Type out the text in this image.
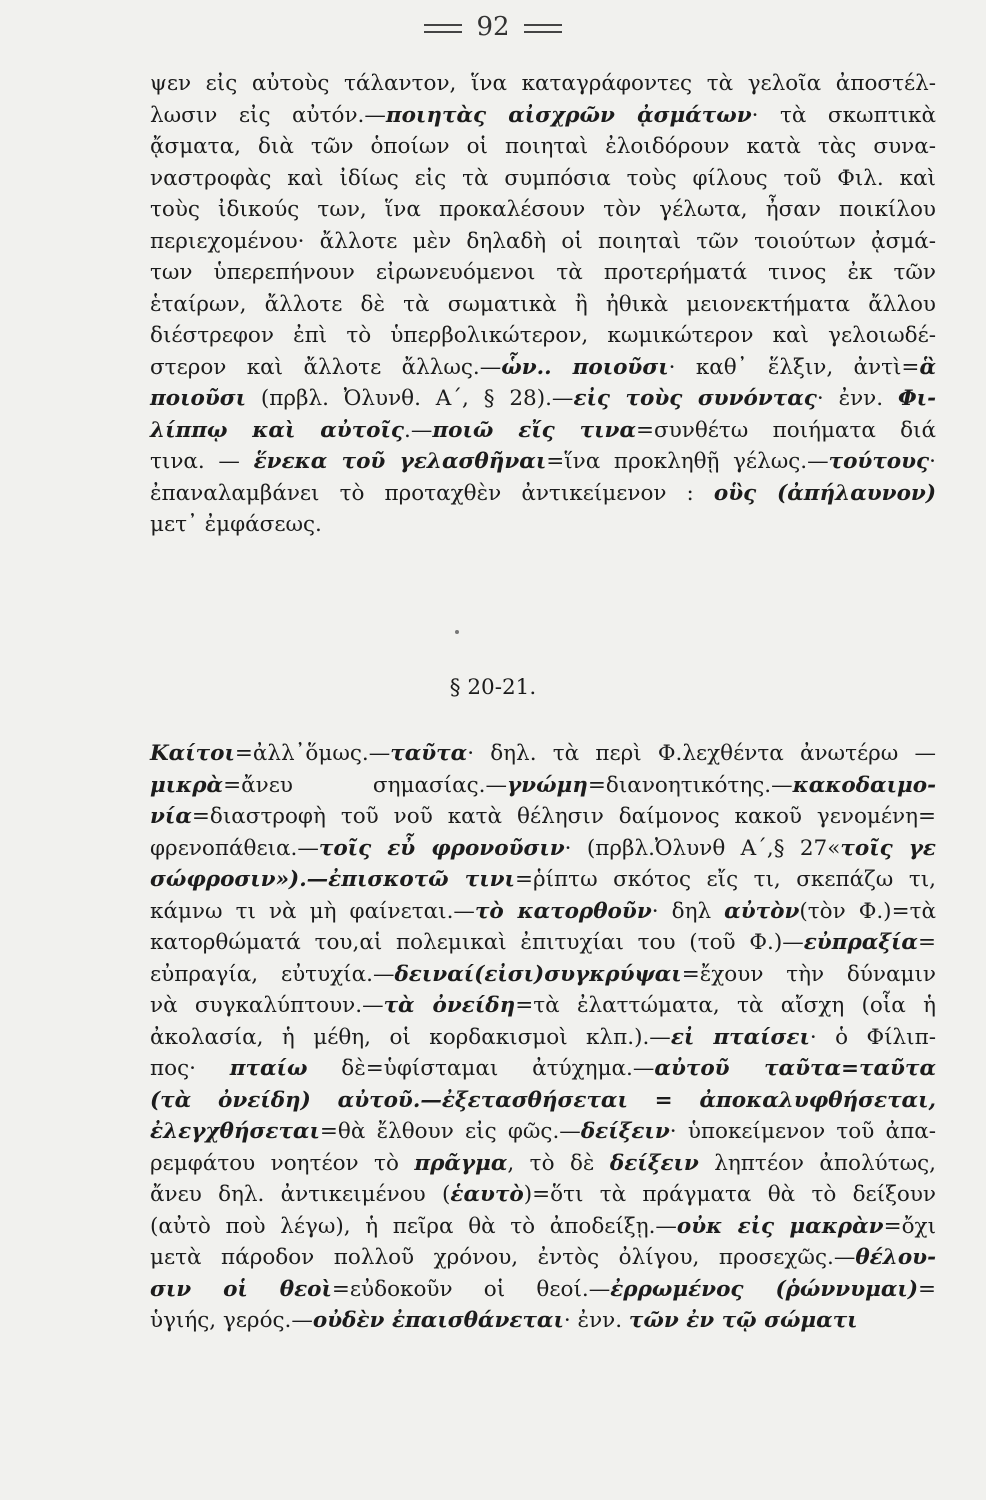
92
ψεν εἰς αὐτοὺς τάλαντον, ἵνα καταγράφοντες τὰ γελοῖα ἀποστέλ-
λωσιν εἰς αὐτόν.—ποιητὰς αἰσχρῶν ᾀσμάτων· τὰ σκωπτικὰ
ᾄσματα, διὰ τῶν ὁποίων οἱ ποιηταὶ ἐλοιδόρουν κατὰ τὰς συνα-
ναστροφὰς καὶ ἰδίως εἰς τὰ συμπόσια τοὺς φίλους τοῦ Φιλ. καὶ
τοὺς ἰδικούς των, ἵνα προκαλέσουν τὸν γέλωτα, ἦσαν ποικίλου
περιεχομένου· ἄλλοτε μὲν δηλαδὴ οἱ ποιηταὶ τῶν τοιούτων ᾀσμά-
των ὑπερεπήνουν εἰρωνευόμενοι τὰ προτερήματά τινος ἐκ τῶν
ἑταίρων, ἄλλοτε δὲ τὰ σωματικὰ ἢ ἠθικὰ μειονεκτήματα ἄλλου
διέστρεφον ἐπὶ τὸ ὑπερβολικώτερον, κωμικώτερον καὶ γελοιωδέ-
στερον καὶ ἄλλοτε ἄλλως.—ὧν.. ποιοῦσι· καθ᾽ ἕλξιν, ἀντὶ=ἃ
ποιοῦσι (πρβλ. Ὀλυνθ. Α´, § 28).—εἰς τοὺς συνόντας· ἐνν. Φι-
λίππῳ καὶ αὐτοῖς.—ποιῶ εἴς τινα=συνθέτω ποιήματα διά
τινα. — ἕνεκα τοῦ γελασθῆναι=ἵνα προκληθῇ γέλως.—τούτους·
ἐπαναλαμβάνει τὸ προταχθὲν ἀντικείμενον : οὓς (ἀπήλαυνον)
μετ᾽ ἐμφάσεως.
§ 20-21.
Καίτοι=ἀλλ᾽ὅμως.—ταῦτα· δηλ. τὰ περὶ Φ.λεχθέντα ἀνωτέρω —
μικρὰ=ἄνευ σημασίας.—γνώμη=διανοητικότης.—κακοδαιμο-
νία=διαστροφὴ τοῦ νοῦ κατὰ θέλησιν δαίμονος κακοῦ γενομένη=
φρενοπάθεια.—τοῖς εὖ φρονοῦσιν· (πρβλ.Ὀλυνθ Α´,§ 27«τοῖς γε
σώφροσιν»).—ἐπισκοτῶ τινι=ῥίπτω σκότος εἴς τι, σκεπάζω τι,
κάμνω τι νὰ μὴ φαίνεται.—τὸ κατορθοῦν· δηλ αὐτὸν(τὸν Φ.)=τὰ
κατορθώματά του,αἱ πολεμικαὶ ἐπιτυχίαι του (τοῦ Φ.)—εὐπραξία=
εὐπραγία, εὐτυχία.—δειναί(εἰσι)συγκρύψαι=ἔχουν τὴν δύναμιν
νὰ συγκαλύπτουν.—τὰ ὀνείδη=τὰ ἐλαττώματα, τὰ αἴσχη (οἷα ἡ
ἀκολασία, ἡ μέθη, οἱ κορδακισμοὶ κλπ.).—εἰ πταίσει· ὁ Φίλιπ-
πος· πταίω δὲ=ὑφίσταμαι ἀτύχημα.—αὐτοῦ ταῦτα=ταῦτα
(τὰ ὀνείδη) αὐτοῦ.—ἐξετασθήσεται = ἀποκαλυφθήσεται,
ἐλεγχθήσεται=θὰ ἔλθουν εἰς φῶς.—δείξειν· ὑποκείμενον τοῦ ἀπα-
ρεμφάτου νοητέον τὸ πρᾶγμα, τὸ δὲ δείξειν ληπτέον ἀπολύτως,
ἄνευ δηλ. ἀντικειμένου (ἑαυτὸ)=ὅτι τὰ πράγματα θὰ τὸ δείξουν
(αὐτὸ ποὺ λέγω), ἡ πεῖρα θὰ τὸ ἀποδείξῃ.—οὐκ εἰς μακρὰν=ὄχι
μετὰ πάροδον πολλοῦ χρόνου, ἐντὸς ὀλίγου, προσεχῶς.—θέλου-
σιν οἱ θεοὶ=εὐδοκοῦν οἱ θεοί.—ἐρρωμένος (ῥώννυμαι)=
ὑγιής, γερός.—οὐδὲν ἐπαισθάνεται· ἐνν. τῶν ἐν τῷ σώματι
